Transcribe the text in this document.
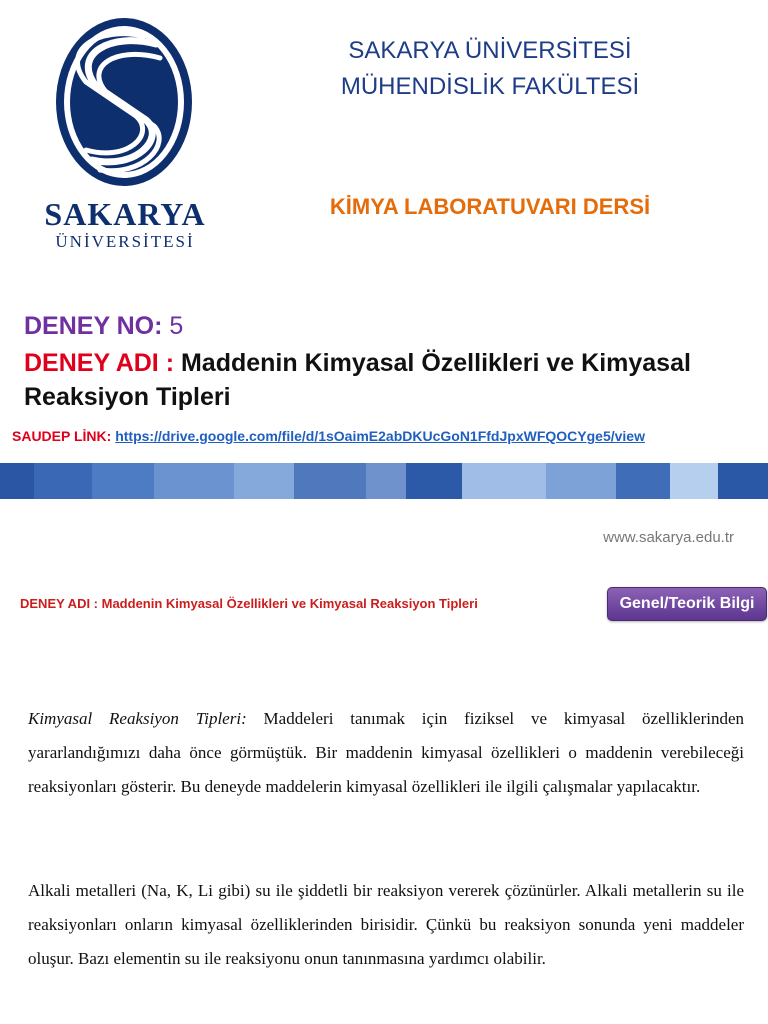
SAKARYA
ÜNİVERSİTESİ
SAKARYA ÜNİVERSİTESİ
MÜHENDİSLİK FAKÜLTESİ
KİMYA LABORATUVARI DERSİ
DENEY NO: 5
DENEY ADI : Maddenin Kimyasal Özellikleri ve Kimyasal Reaksiyon Tipleri
SAUDEP LİNK: https://drive.google.com/file/d/1sOaimE2abDKUcGoN1FfdJpxWFQOCYge5/view
www.sakarya.edu.tr
DENEY ADI : Maddenin Kimyasal Özellikleri ve Kimyasal Reaksiyon Tipleri	Genel/Teorik Bilgi
Kimyasal Reaksiyon Tipleri: Maddeleri tanımak için fiziksel ve kimyasal özelliklerinden yararlandığımızı daha önce görmüştük. Bir maddenin kimyasal özellikleri o maddenin verebileceği reaksiyonları gösterir. Bu deneyde maddelerin kimyasal özellikleri ile ilgili çalışmalar yapılacaktır.
Alkali metalleri (Na, K, Li gibi) su ile şiddetli bir reaksiyon vererek çözünürler. Alkali metallerin su ile reaksiyonları onların kimyasal özelliklerinden birisidir. Çünkü bu reaksiyon sonunda yeni maddeler oluşur. Bazı elementin su ile reaksiyonu onun tanınmasına yardımcı olabilir.
